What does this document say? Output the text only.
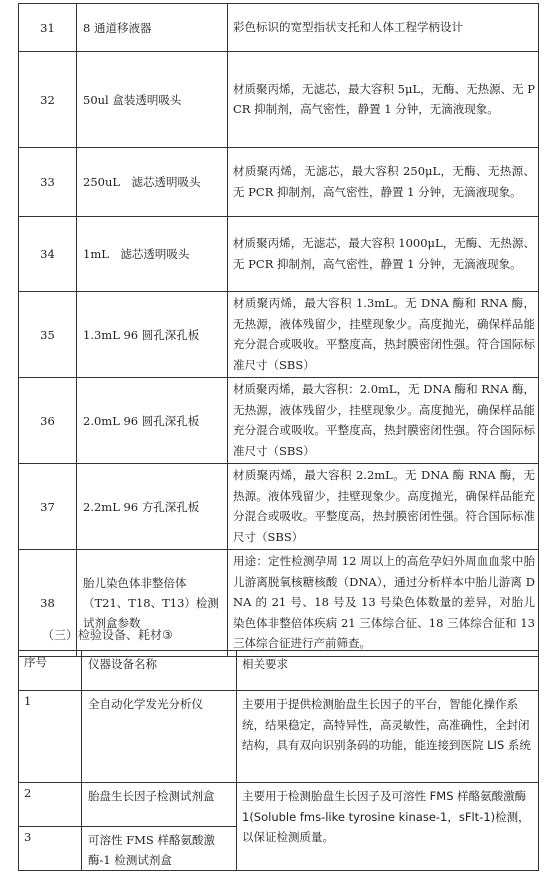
31	8 通道移液器	彩色标识的宽型指状支托和人体工程学柄设计
32	50ul 盒装透明吸头	材质聚丙烯，无滤芯，最大容积 5μL，无酶、无热源、无 PCR 抑制剂，高气密性，静置 1 分钟，无滴液现象。
33	250uL　滤芯透明吸头	材质聚丙烯，无滤芯，最大容积 250μL，无酶、无热源、无 PCR 抑制剂，高气密性，静置 1 分钟，无滴液现象。
34	1mL　滤芯透明吸头	材质聚丙烯，无滤芯，最大容积 1000μL，无酶、无热源、无 PCR 抑制剂，高气密性，静置 1 分钟，无滴液现象。
35	1.3mL 96 圆孔深孔板	材质聚丙烯，最大容积 1.3mL。无 DNA 酶和 RNA 酶，无热源，液体残留少，挂壁现象少。高度抛光，确保样品能充分混合或吸收。平整度高，热封膜密闭性强。符合国际标准尺寸（SBS）
36	2.0mL 96 圆孔深孔板	材质聚丙烯，最大容积：2.0mL，无 DNA 酶和 RNA 酶，无热源，液体残留少，挂壁现象少。高度抛光，确保样品能充分混合或吸收。平整度高，热封膜密闭性强。符合国际标准尺寸（SBS）
37	2.2mL 96 方孔深孔板	材质聚丙烯，最大容积 2.2mL。无 DNA 酶 RNA 酶，无热源。液体残留少，挂壁现象少。高度抛光，确保样品能充分混合或吸收。平整度高，热封膜密闭性强。符合国际标准尺寸（SBS）
38	胎儿染色体非整倍体（T21、T18、T13）检测试剂盒参数	用途：定性检测孕周 12 周以上的高危孕妇外周血血浆中胎儿游离脱氧核糖核酸（DNA），通过分析样本中胎儿游离 DNA 的 21 号、18 号及 13 号染色体数量的差异，对胎儿染色体非整倍体疾病 21 三体综合征、18 三体综合征和 13 三体综合征进行产前筛查。
（三）检验设备、耗材③
序号	仪器设备名称	相关要求
1	全自动化学发光分析仪	主要用于提供检测胎盘生长因子的平台，智能化操作系统，结果稳定，高特异性，高灵敏性，高准确性，全封闭结构，具有双向识别条码的功能，能连接到医院 LIS 系统
2	胎盘生长因子检测试剂盒	主要用于检测胎盘生长因子及可溶性 FMS 样酪氨酸激酶 1(Soluble fms-like tyrosine kinase-1，sFlt-1)检测，以保证检测质量。
3	可溶性 FMS 样酪氨酸激酶-1 检测试剂盒	
